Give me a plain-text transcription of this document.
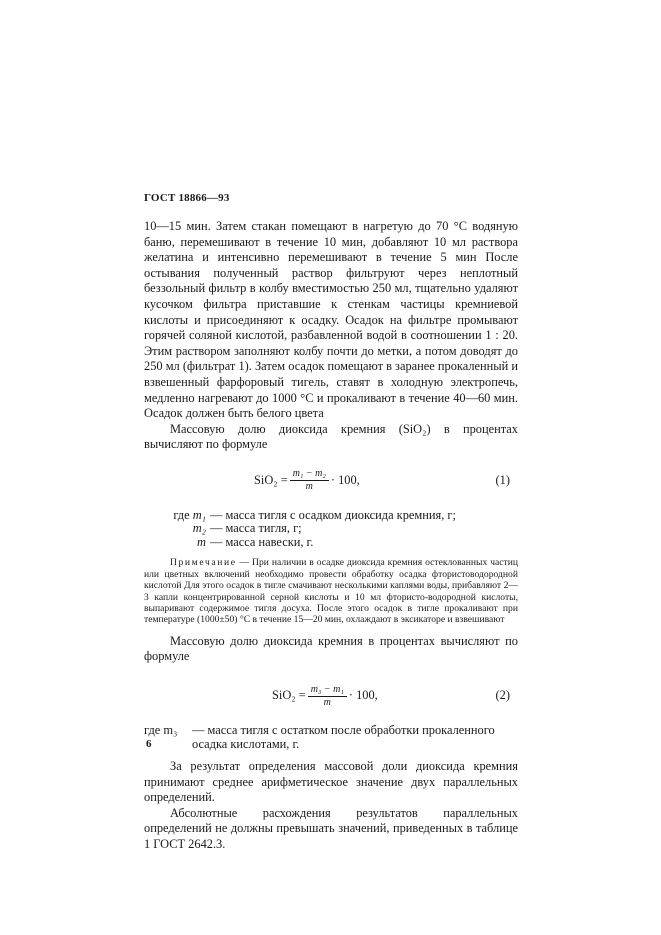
ГОСТ 18866—93

10—15 мин. Затем стакан помещают в нагретую до 70 °С водяную баню, перемешивают в течение 10 мин, добавляют 10 мл раствора желатина и интенсивно перемешивают в течение 5 мин После остывания полученный раствор фильтруют через неплотный беззольный фильтр в колбу вместимостью 250 мл, тщательно удаляют кусочком фильтра приставшие к стенкам частицы кремниевой кислоты и присоединяют к осадку. Осадок на фильтре промывают горячей соляной кислотой, разбавленной водой в соотношении 1 : 20. Этим раствором заполняют колбу почти до метки, а потом доводят до 250 мл (фильтрат 1). Затем осадок помещают в заранее прокаленный и взвешенный фарфоровый тигель, ставят в холодную электропечь, медленно нагревают до 1000 °С и прокаливают в течение 40—60 мин. Осадок должен быть белого цвета

Массовую долю диоксида кремния (SiO₂) в процентах вычисляют по формуле

$SiO_2 = \frac{\text{m₁ − m₂}}{m} \cdot 100$,	(1)
где m₁ — масса тигля с осадком диоксида кремния, г;
m₂ — масса тигля, г;
m — масса навески, г.

Примечание — При наличии в осадке диоксида кремния остеклованных частиц или цветных включений необходимо провести обработку осадка фтористоводородной кислотой Для этого осадок в тигле смачивают несколькими каплями воды, прибавляют 2—3 капли концентрированной серной кислоты и 10 мл фтористо-водородной кислоты, выпаривают содержимое тигля досуха. После этого осадок в тигле прокаливают при температуре (1000±50) °С в течение 15—20 мин, охлаждают в эксикаторе и взвешивают

Массовую долю диоксида кремния в процентах вычисляют по формуле

$SiO_2 = \frac{\text{m₃ − m₁}}{m} \cdot 100$,	(2)
где m₃	— масса тигля с остатком после обработки прокаленного осадка кислотами, г.

За результат определения массовой доли диоксида кремния принимают среднее арифметическое значение двух параллельных определений.

Абсолютные расхождения результатов параллельных определений не должны превышать значений, приведенных в таблице 1 ГОСТ 2642.3.

6
